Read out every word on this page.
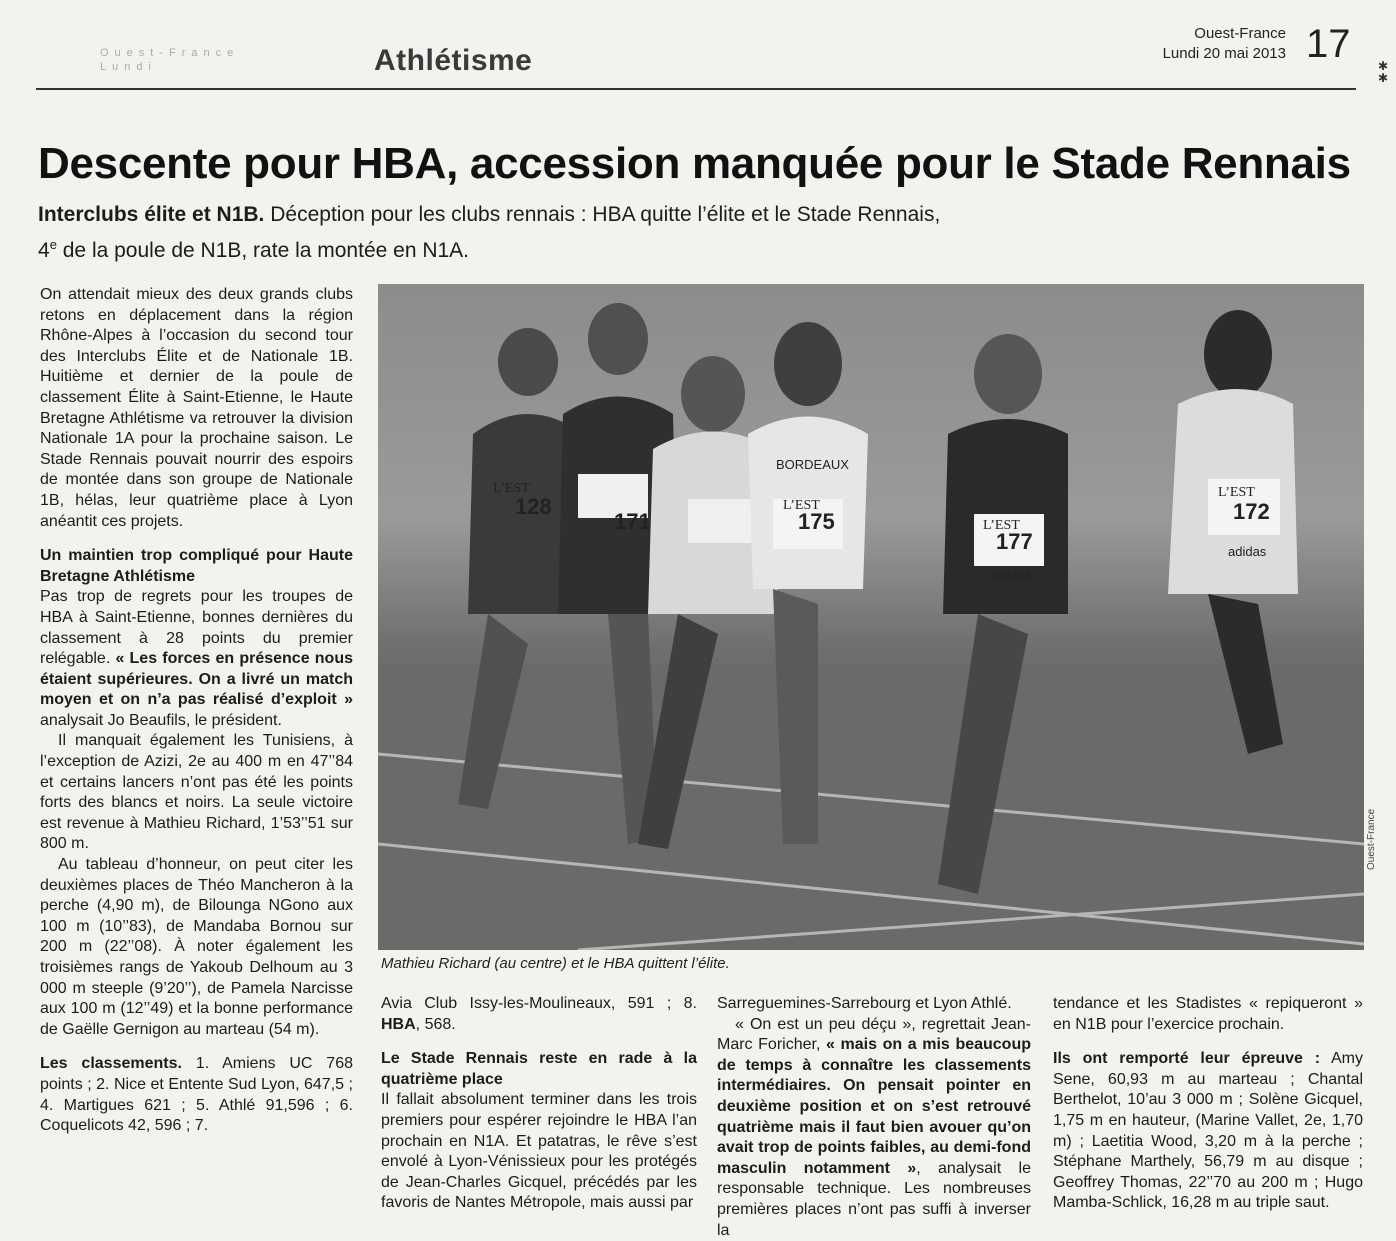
Ouest-France
Lundi	Athlétisme
Ouest-France
Lundi 20 mai 2013 17 ✱
✱
Descente pour HBA, accession manquée pour le Stade Rennais
Interclubs élite et N1B. Déception pour les clubs rennais : HBA quitte l’élite et le Stade Rennais,
4e de la poule de N1B, rate la montée en N1A.

On attendait mieux des deux grands clubs retons en déplacement dans la région Rhône-Alpes à l’occasion du second tour des Interclubs Élite et de Nationale 1B. Huitième et dernier de la poule de classement Élite à Saint-Etienne, le Haute Bretagne Athlétisme va retrouver la division Nationale 1A pour la prochaine saison. Le Stade Rennais pouvait nourrir des espoirs de montée dans son groupe de Nationale 1B, hélas, leur quatrième place à Lyon anéantit ces projets.

Un maintien trop compliqué pour Haute Bretagne Athlétisme

Pas trop de regrets pour les troupes de HBA à Saint-Etienne, bonnes dernières du classement à 28 points du premier relégable. « Les forces en présence nous étaient supérieures. On a livré un match moyen et on n’a pas réalisé d’exploit » analysait Jo Beaufils, le président.

Il manquait également les Tunisiens, à l’exception de Azizi, 2e au 400 m en 47’’84 et certains lancers n’ont pas été les points forts des blancs et noirs. La seule victoire est revenue à Mathieu Richard, 1’53’’51 sur 800 m.

Au tableau d’honneur, on peut citer les deuxièmes places de Théo Mancheron à la perche (4,90 m), de Bilounga NGono aux 100 m (10’’83), de Mandaba Bornou sur 200 m (22’’08). À noter également les troisièmes rangs de Yakoub Delhoum au 3 000 m steeple (9’20’’), de Pamela Narcisse aux 100 m (12’’49) et la bonne performance de Gaëlle Gernigon au marteau (54 m).

Les classements. 1. Amiens UC 768 points ; 2. Nice et Entente Sud Lyon, 647,5 ; 4. Martigues 621 ; 5. Athlé 91,596 ; 6. Coquelicots 42, 596 ; 7.

128
171	175
177
172
L’EST
L’EST
L’EST
L’EST
adidas
adidas
BORDEAUX
Ouest-France
Mathieu Richard (au centre) et le HBA quittent l’élite.

Avia Club Issy-les-Moulineaux, 591 ; 8. HBA, 568.

Le Stade Rennais reste en rade à la quatrième place

Il fallait absolument terminer dans les trois premiers pour espérer rejoindre le HBA l’an prochain en N1A. Et patatras, le rêve s’est envolé à Lyon-Vénissieux pour les protégés de Jean-Charles Gicquel, précédés par les favoris de Nantes Métropole, mais aussi par

Sarreguemines-Sarrebourg et Lyon Athlé.

« On est un peu déçu », regrettait Jean-Marc Foricher, « mais on a mis beaucoup de temps à connaître les classements intermédiaires. On pensait pointer en deuxième position et on s’est retrouvé quatrième mais il faut bien avouer qu’on avait trop de points faibles, au demi-fond masculin notamment », analysait le responsable technique. Les nombreuses premières places n’ont pas suffi à inverser la

tendance et les Stadistes « repiqueront » en N1B pour l’exercice prochain.

Ils ont remporté leur épreuve : Amy Sene, 60,93 m au marteau ; Chantal Berthelot, 10’au 3 000 m ; Solène Gicquel, 1,75 m en hauteur, (Marine Vallet, 2e, 1,70 m) ; Laetitia Wood, 3,20 m à la perche ; Stéphane Marthely, 56,79 m au disque ; Geoffrey Thomas, 22’’70 au 200 m ; Hugo Mamba-Schlick, 16,28 m au triple saut.
